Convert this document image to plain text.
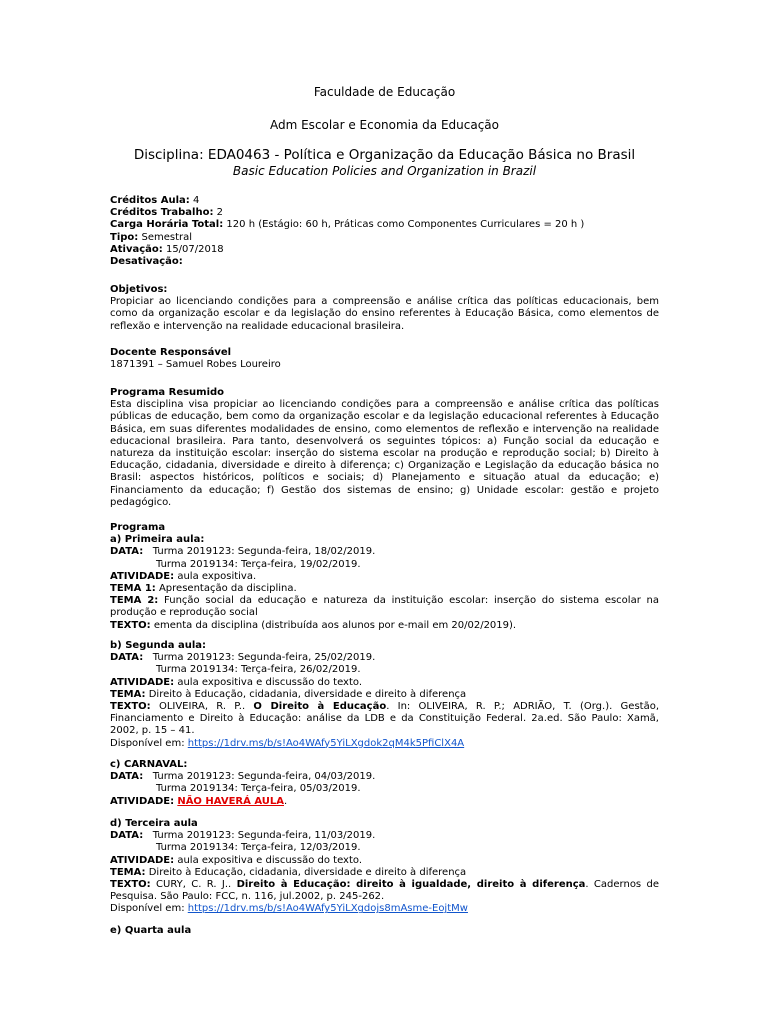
Faculdade de Educação
Adm Escolar e Economia da Educação
Disciplina: EDA0463 - Política e Organização da Educação Básica no Brasil
Basic Education Policies and Organization in Brazil

Créditos Aula: 4

Créditos Trabalho: 2

Carga Horária Total: 120 h (Estágio: 60 h, Práticas como Componentes Curriculares = 20 h )

Tipo: Semestral

Ativação: 15/07/2018

Desativação:

Objetivos:

Propiciar ao licenciando condições para a compreensão e análise crítica das políticas educacionais, bem como da organização escolar e da legislação do ensino referentes à Educação Básica, como elementos de reflexão e intervenção na realidade educacional brasileira.

Docente Responsável

1871391 – Samuel Robes Loureiro

Programa Resumido

Esta disciplina visa propiciar ao licenciando condições para a compreensão e análise crítica das políticas públicas de educação, bem como da organização escolar e da legislação educacional referentes à Educação Básica, em suas diferentes modalidades de ensino, como elementos de reflexão e intervenção na realidade educacional brasileira. Para tanto, desenvolverá os seguintes tópicos: a) Função social da educação e natureza da instituição escolar: inserção do sistema escolar na produção e reprodução social; b) Direito à Educação, cidadania, diversidade e direito à diferença; c) Organização e Legislação da educação básica no Brasil: aspectos históricos, políticos e sociais; d) Planejamento e situação atual da educação; e) Financiamento da educação; f) Gestão dos sistemas de ensino; g) Unidade escolar: gestão e projeto pedagógico.

Programa

a) Primeira aula:

DATA: Turma 2019123: Segunda-feira, 18/02/2019.

Turma 2019134: Terça-feira, 19/02/2019.

ATIVIDADE: aula expositiva.

TEMA 1: Apresentação da disciplina.

TEMA 2: Função social da educação e natureza da instituição escolar: inserção do sistema escolar na produção e reprodução social

TEXTO: ementa da disciplina (distribuída aos alunos por e-mail em 20/02/2019).

b) Segunda aula:

DATA: Turma 2019123: Segunda-feira, 25/02/2019.

Turma 2019134: Terça-feira, 26/02/2019.

ATIVIDADE: aula expositiva e discussão do texto.

TEMA: Direito à Educação, cidadania, diversidade e direito à diferença

TEXTO: OLIVEIRA, R. P.. O Direito à Educação. In: OLIVEIRA, R. P.; ADRIÃO, T. (Org.). Gestão, Financiamento e Direito à Educação: análise da LDB e da Constituição Federal. 2a.ed. São Paulo: Xamã, 2002, p. 15 – 41.

Disponível em: https://1drv.ms/b/s!Ao4WAfy5YiLXgdok2qM4k5PfiClX4A

c) CARNAVAL:

DATA: Turma 2019123: Segunda-feira, 04/03/2019.

Turma 2019134: Terça-feira, 05/03/2019.

ATIVIDADE: NÃO HAVERÁ AULA.

d) Terceira aula

DATA: Turma 2019123: Segunda-feira, 11/03/2019.

Turma 2019134: Terça-feira, 12/03/2019.

ATIVIDADE: aula expositiva e discussão do texto.

TEMA: Direito à Educação, cidadania, diversidade e direito à diferença

TEXTO: CURY, C. R. J.. Direito à Educação: direito à igualdade, direito à diferença. Cadernos de Pesquisa. São Paulo: FCC, n. 116, jul.2002, p. 245-262.

Disponível em: https://1drv.ms/b/s!Ao4WAfy5YiLXgdojs8mAsme-EojtMw

e) Quarta aula
